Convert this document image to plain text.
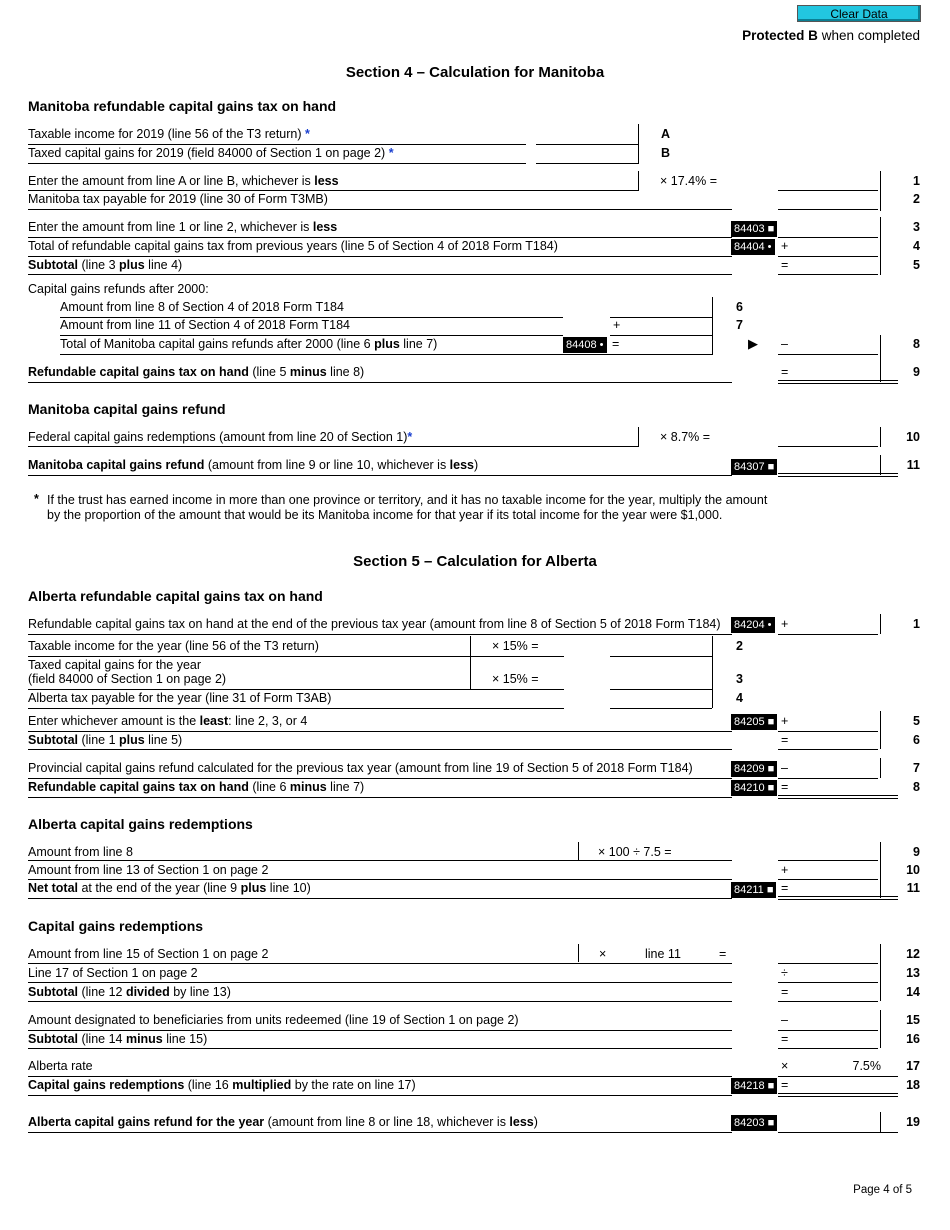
Clear Data
Protected B when completed
Section 4 – Calculation for Manitoba
Manitoba refundable capital gains tax on hand
Taxable income for 2019 (line 56 of the T3 return) *	A
Taxed capital gains for 2019 (field 84000 of Section 1 on page 2) *	B
Enter the amount from line A or line B, whichever is less	× 17.4% =	1
Manitoba tax payable for 2019 (line 30 of Form T3MB)	2
Enter the amount from line 1 or line 2, whichever is less	84403 ■	3
Total of refundable capital gains tax from previous years (line 5 of Section 4 of 2018 Form T184)	84404 • +	4
Subtotal (line 3 plus line 4)	=	5
Capital gains refunds after 2000:
Amount from line 8 of Section 4 of 2018 Form T184	6
Amount from line 11 of Section 4 of 2018 Form T184	+	7
Total of Manitoba capital gains refunds after 2000 (line 6 plus line 7)	84408 • =	▶ –	8
Refundable capital gains tax on hand (line 5 minus line 8)	=	9
Manitoba capital gains refund
Federal capital gains redemptions (amount from line 20 of Section 1)*	× 8.7% =	10
Manitoba capital gains refund (amount from line 9 or line 10, whichever is less)	84307 ■	11
* If the trust has earned income in more than one province or territory, and it has no taxable income for the year, multiply the amount
by the proportion of the amount that would be its Manitoba income for that year if its total income for the year were $1,000.
Section 5 – Calculation for Alberta
Alberta refundable capital gains tax on hand
Refundable capital gains tax on hand at the end of the previous tax year (amount from line 8 of Section 5 of 2018 Form T184) 84204 • +	1
Taxable income for the year (line 56 of the T3 return)	× 15% =	2
Taxed capital gains for the year
(field 84000 of Section 1 on page 2)	× 15% =	3
Alberta tax payable for the year (line 31 of Form T3AB)	4
Enter whichever amount is the least: line 2, 3, or 4	84205 ■ +	5
Subtotal (line 1 plus line 5)	=	6
Provincial capital gains refund calculated for the previous tax year (amount from line 19 of Section 5 of 2018 Form T184)	84209 ■ –	7
Refundable capital gains tax on hand (line 6 minus line 7)	84210 ■ =	8
Alberta capital gains redemptions
Amount from line 8	× 100 ÷ 7.5 =	9
Amount from line 13 of Section 1 on page 2	+	10
Net total at the end of the year (line 9 plus line 10)	84211 ■ =	11
Capital gains redemptions
Amount from line 15 of Section 1 on page 2	×	line 11	=	12
Line 17 of Section 1 on page 2	÷	13
Subtotal (line 12 divided by line 13)	=	14
Amount designated to beneficiaries from units redeemed (line 19 of Section 1 on page 2)	–	15
Subtotal (line 14 minus line 15)	=	16
Alberta rate	×	7.5%	17
Capital gains redemptions (line 16 multiplied by the rate on line 17)	84218 ■ =	18
Alberta capital gains refund for the year (amount from line 8 or line 18, whichever is less)	84203 ■	19
Page 4 of 5
